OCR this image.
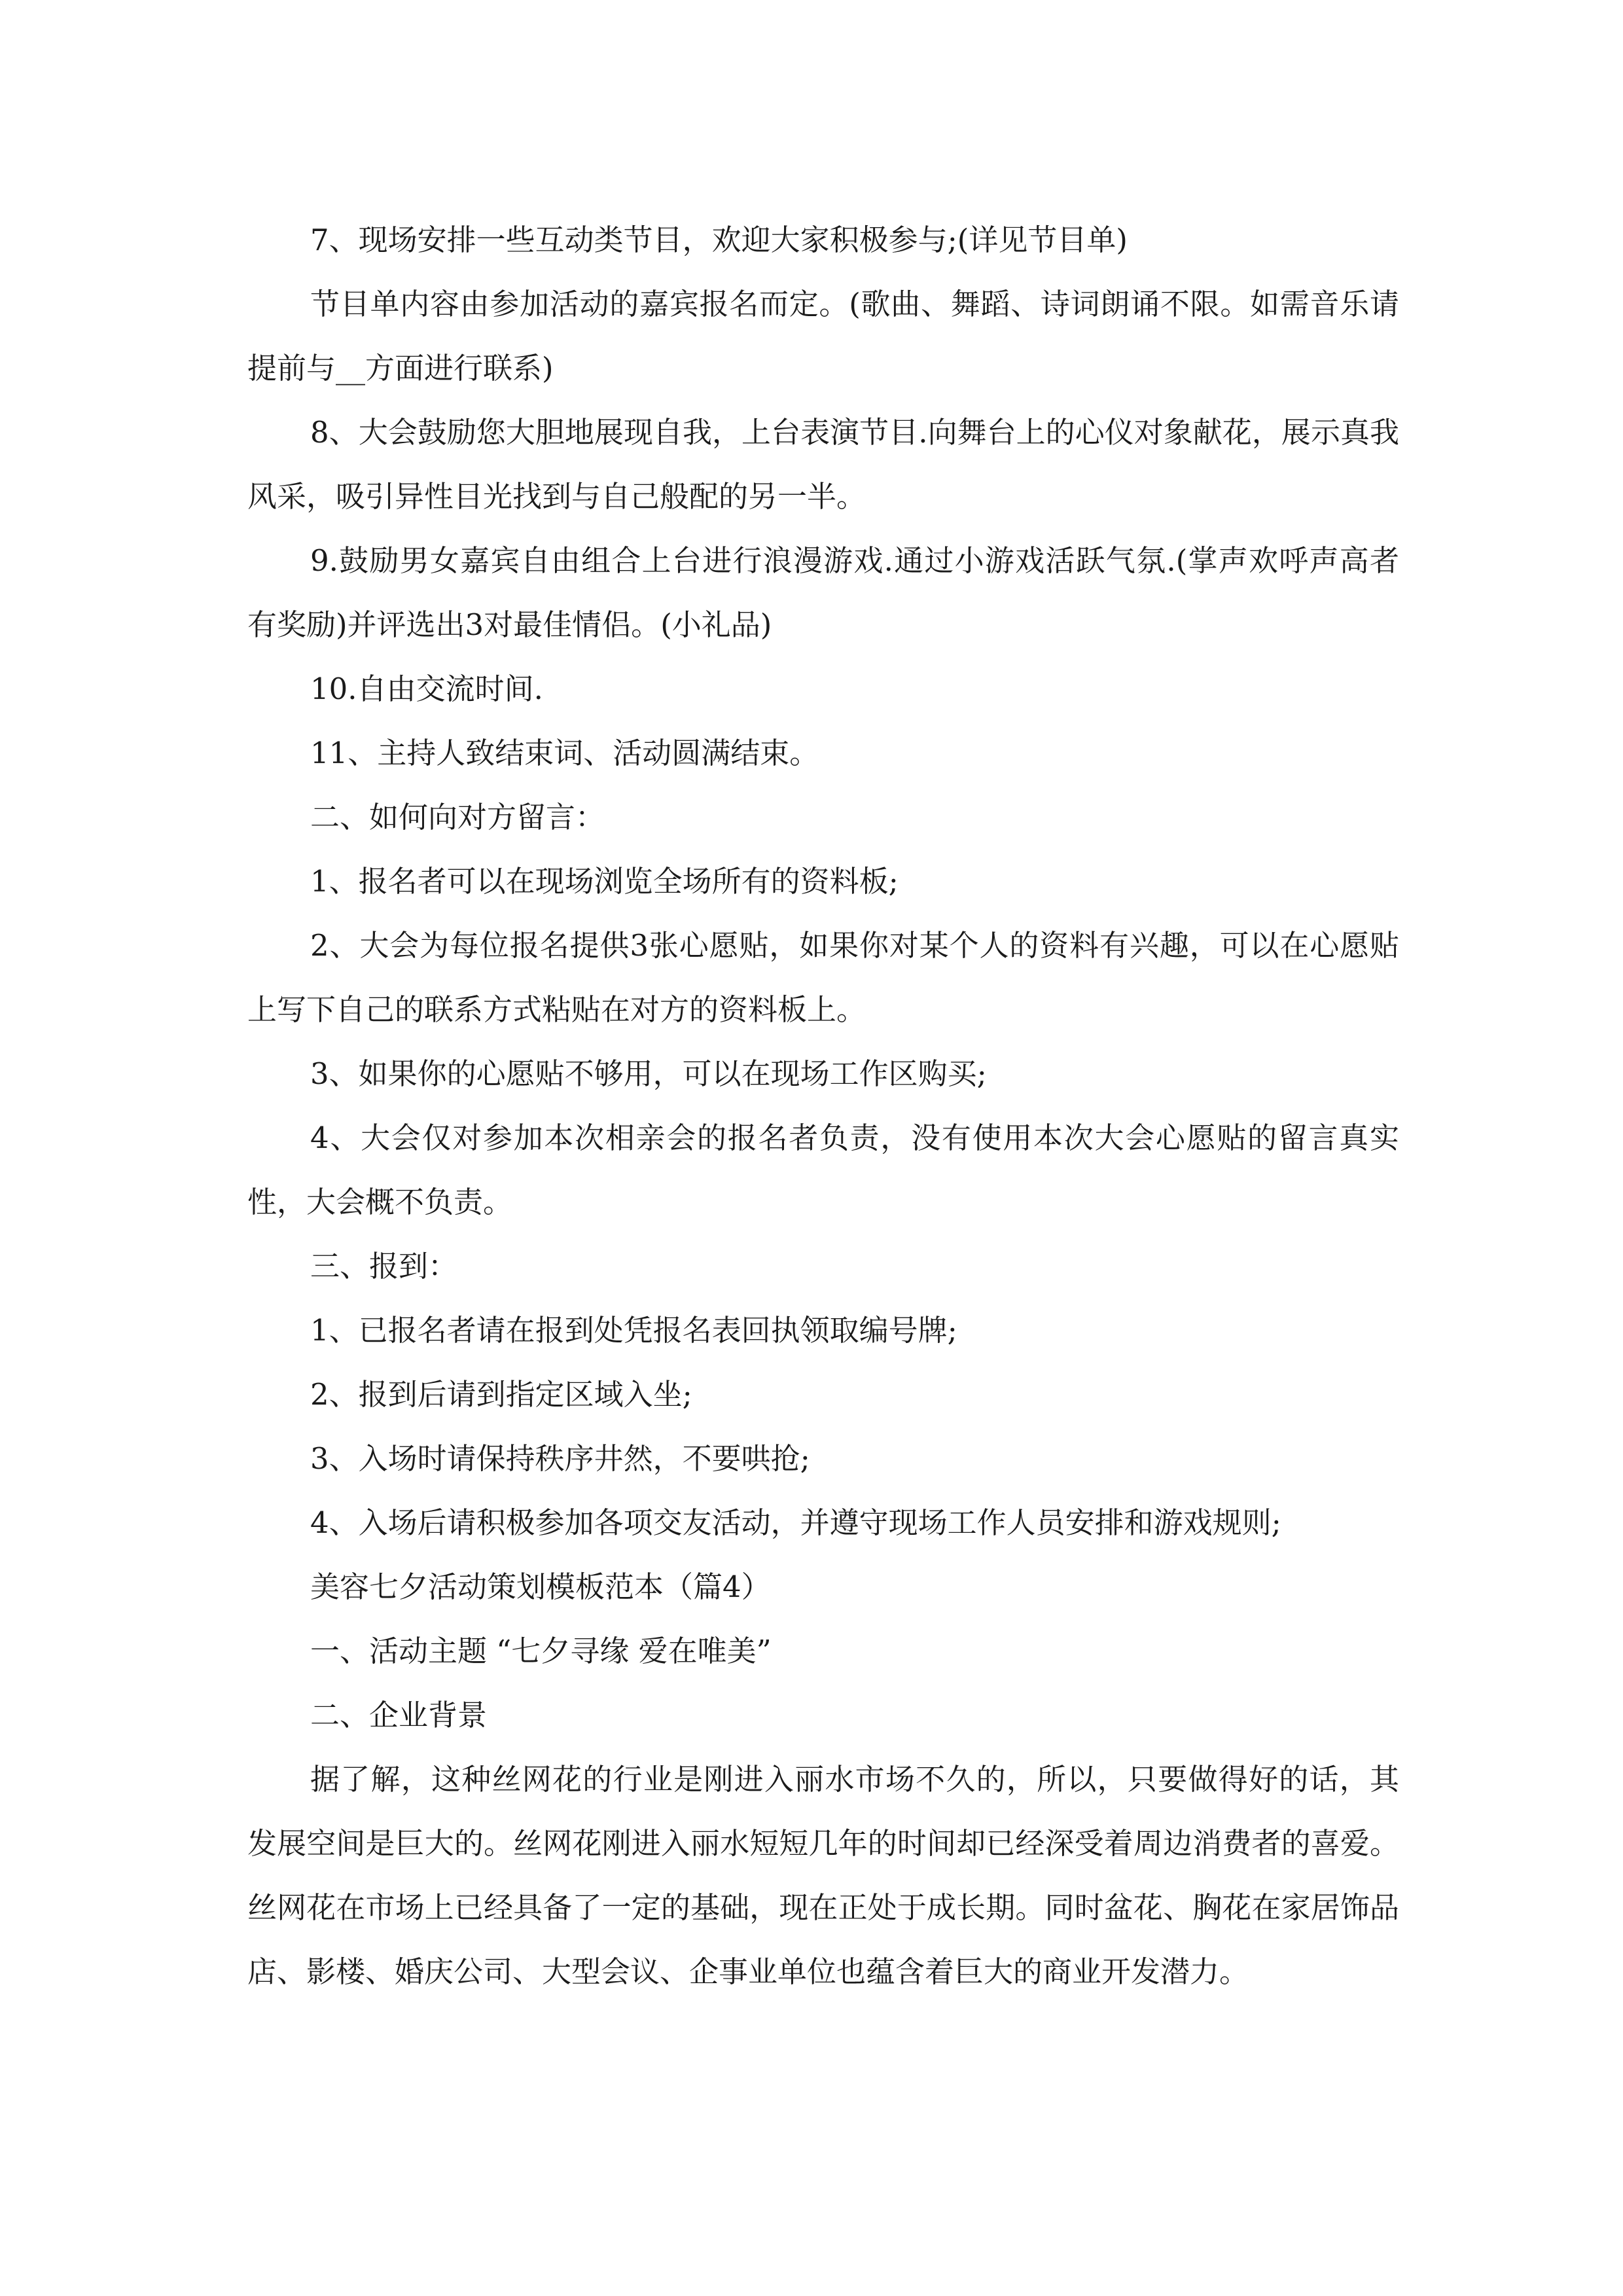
7、现场安排一些互动类节目，欢迎大家积极参与;(详见节目单)

节目单内容由参加活动的嘉宾报名而定。(歌曲、舞蹈、诗词朗诵不限。如需音乐请提前与__方面进行联系)

8、大会鼓励您大胆地展现自我，上台表演节目.向舞台上的心仪对象献花，展示真我风采，吸引异性目光找到与自己般配的另一半。

9.鼓励男女嘉宾自由组合上台进行浪漫游戏.通过小游戏活跃气氛.(掌声欢呼声高者有奖励)并评选出3对最佳情侣。(小礼品)

10.自由交流时间.

11、主持人致结束词、活动圆满结束。

二、如何向对方留言：

1、报名者可以在现场浏览全场所有的资料板;

2、大会为每位报名提供3张心愿贴，如果你对某个人的资料有兴趣，可以在心愿贴上写下自己的联系方式粘贴在对方的资料板上。

3、如果你的心愿贴不够用，可以在现场工作区购买;

4、大会仅对参加本次相亲会的报名者负责，没有使用本次大会心愿贴的留言真实性，大会概不负责。

三、报到：

1、已报名者请在报到处凭报名表回执领取编号牌;

2、报到后请到指定区域入坐;

3、入场时请保持秩序井然，不要哄抢;

4、入场后请积极参加各项交友活动，并遵守现场工作人员安排和游戏规则;

美容七夕活动策划模板范本（篇4）

一、活动主题 “七夕寻缘 爱在唯美”

二、企业背景

据了解，这种丝网花的行业是刚进入丽水市场不久的，所以，只要做得好的话，其发展空间是巨大的。丝网花刚进入丽水短短几年的时间却已经深受着周边消费者的喜爱。丝网花在市场上已经具备了一定的基础，现在正处于成长期。同时盆花、胸花在家居饰品店、影楼、婚庆公司、大型会议、企事业单位也蕴含着巨大的商业开发潜力。
